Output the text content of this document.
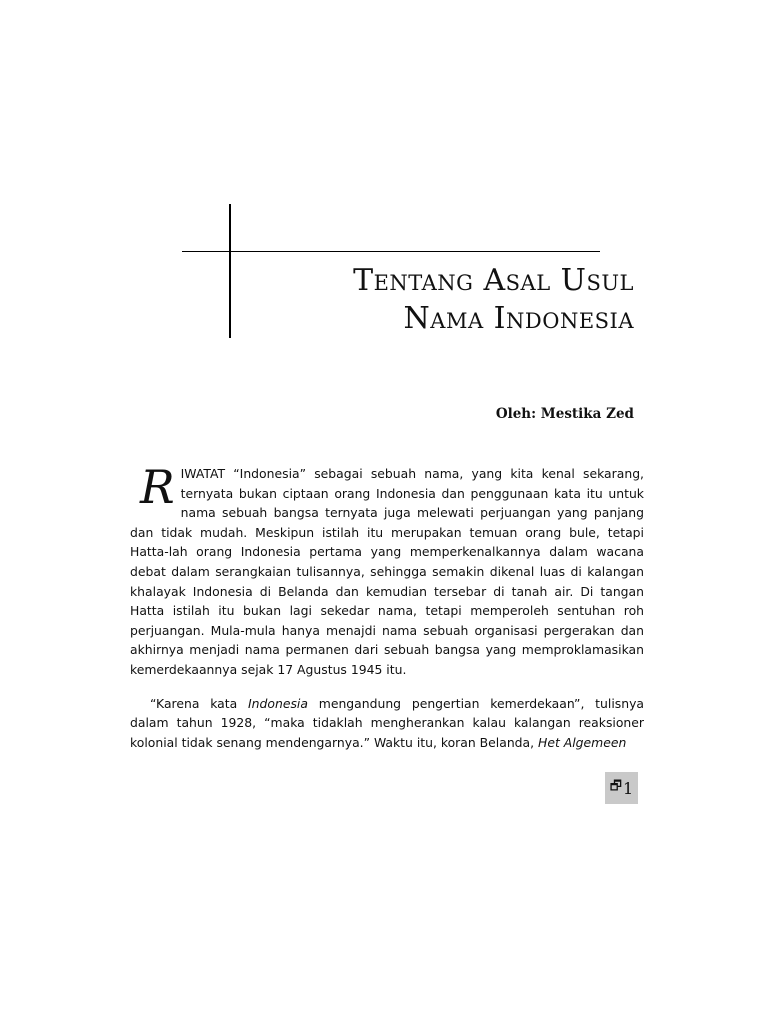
Tentang Asal Usul
Nama Indonesia
Oleh: Mestika Zed

RIWATAT “Indonesia” sebagai sebuah nama, yang kita kenal sekarang, ternyata bukan ciptaan orang Indonesia dan penggunaan kata itu untuk nama sebuah bangsa ternyata juga melewati perjuangan yang panjang dan tidak mudah. Meskipun istilah itu merupakan temuan orang bule, tetapi Hatta-lah orang Indonesia pertama yang memperkenalkannya dalam wacana debat dalam serangkaian tulisannya, sehingga semakin dikenal luas di kalangan khalayak Indonesia di Belanda dan kemudian tersebar di tanah air. Di tangan Hatta istilah itu bukan lagi sekedar nama, tetapi memperoleh sentuhan roh perjuangan. Mula-mula hanya menajdi nama sebuah organisasi pergerakan dan akhirnya menjadi nama permanen dari sebuah bangsa yang memproklamasikan kemerdekaannya sejak 17 Agustus 1945 itu.

“Karena kata Indonesia mengandung pengertian kemerdekaan”, tulisnya dalam tahun 1928, “maka tidaklah mengherankan kalau kalangan reaksioner kolonial tidak senang mendengarnya.” Waktu itu, koran Belanda, Het Algemeen

🗗 1
